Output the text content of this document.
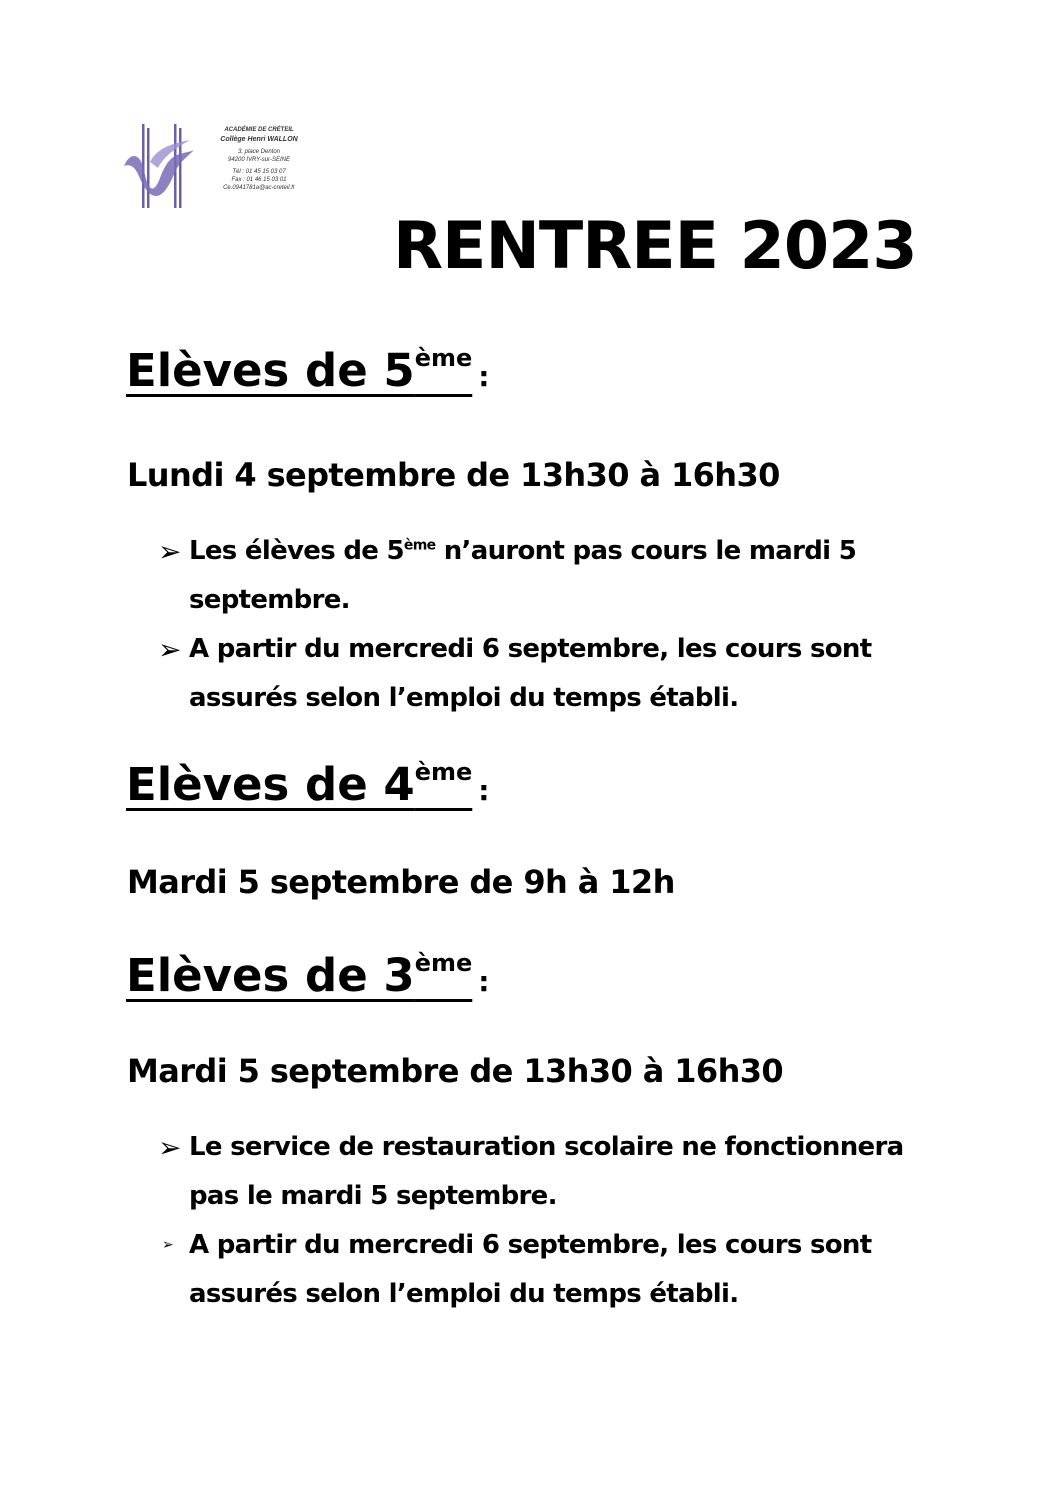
ACADÉMIE DE CRÉTEIL
Collège Henri WALLON
3, place Denton
94200 IVRY-sur-SEINE
Tél : 01 45 15 03 07
Fax : 01 46 15 03 01
Ce.0941781a@ac-creteil.fr
RENTREE 2023
Elèves de 5ème:

Lundi 4 septembre de 13h30 à 16h30

➢ Les élèves de 5ème n’auront pas cours le mardi 5 septembre.
➢ A partir du mercredi 6 septembre, les cours sont assurés selon l’emploi du temps établi.
Elèves de 4ème:

Mardi 5 septembre de 9h à 12h

Elèves de 3ème:

Mardi 5 septembre de 13h30 à 16h30

➢ Le service de restauration scolaire ne fonctionnera pas le mardi 5 septembre.
➢ A partir du mercredi 6 septembre, les cours sont assurés selon l’emploi du temps établi.
